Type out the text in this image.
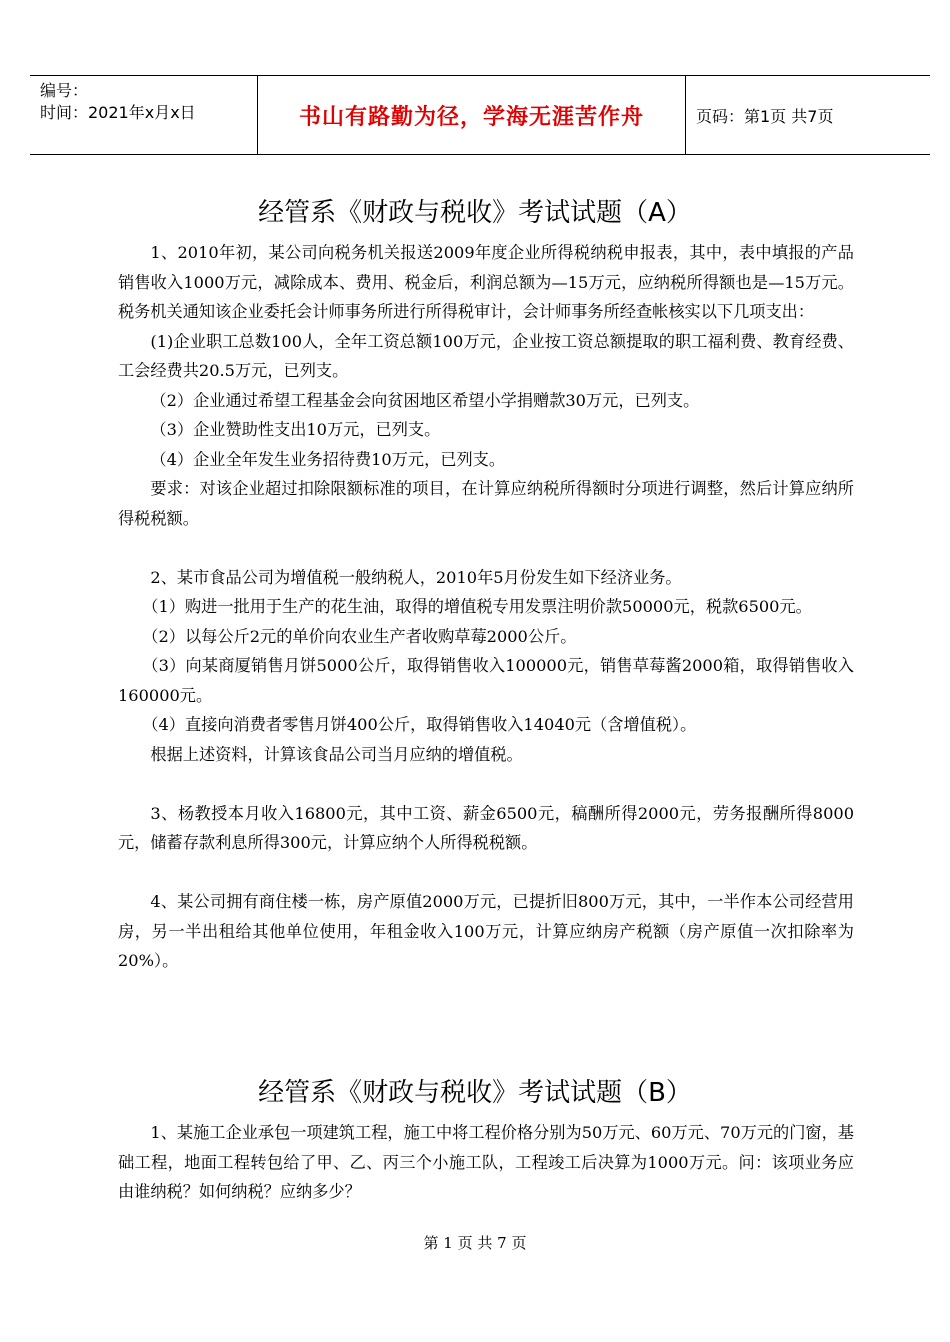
编号：
时间：2021年x月x日	书山有路勤为径，学海无涯苦作舟	页码：第1页 共7页
经管系《财政与税收》考试试题（A）

1、2010年初，某公司向税务机关报送2009年度企业所得税纳税申报表，其中，表中填报的产品销售收入1000万元，减除成本、费用、税金后，利润总额为—15万元，应纳税所得额也是—15万元。税务机关通知该企业委托会计师事务所进行所得税审计，会计师事务所经查帐核实以下几项支出：

(1)企业职工总数100人，全年工资总额100万元，企业按工资总额提取的职工福利费、教育经费、工会经费共20.5万元，已列支。

（2）企业通过希望工程基金会向贫困地区希望小学捐赠款30万元，已列支。

（3）企业赞助性支出10万元，已列支。

（4）企业全年发生业务招待费10万元，已列支。

要求：对该企业超过扣除限额标准的项目，在计算应纳税所得额时分项进行调整，然后计算应纳所得税税额。

2、某市食品公司为增值税一般纳税人，2010年5月份发生如下经济业务。

（1）购进一批用于生产的花生油，取得的增值税专用发票注明价款50000元，税款6500元。

（2）以每公斤2元的单价向农业生产者收购草莓2000公斤。

（3）向某商厦销售月饼5000公斤，取得销售收入100000元，销售草莓酱2000箱，取得销售收入160000元。

（4）直接向消费者零售月饼400公斤，取得销售收入14040元（含增值税）。

根据上述资料，计算该食品公司当月应纳的增值税。

3、杨教授本月收入16800元，其中工资、薪金6500元，稿酬所得2000元，劳务报酬所得8000元，储蓄存款利息所得300元，计算应纳个人所得税税额。

4、某公司拥有商住楼一栋，房产原值2000万元，已提折旧800万元，其中，一半作本公司经营用房，另一半出租给其他单位使用，年租金收入100万元，计算应纳房产税额（房产原值一次扣除率为20%）。

经管系《财政与税收》考试试题（B）

1、某施工企业承包一项建筑工程，施工中将工程价格分别为50万元、60万元、70万元的门窗，基础工程，地面工程转包给了甲、乙、丙三个小施工队，工程竣工后决算为1000万元。问：该项业务应由谁纳税？如何纳税？应纳多少？

第 1 页 共 7 页
